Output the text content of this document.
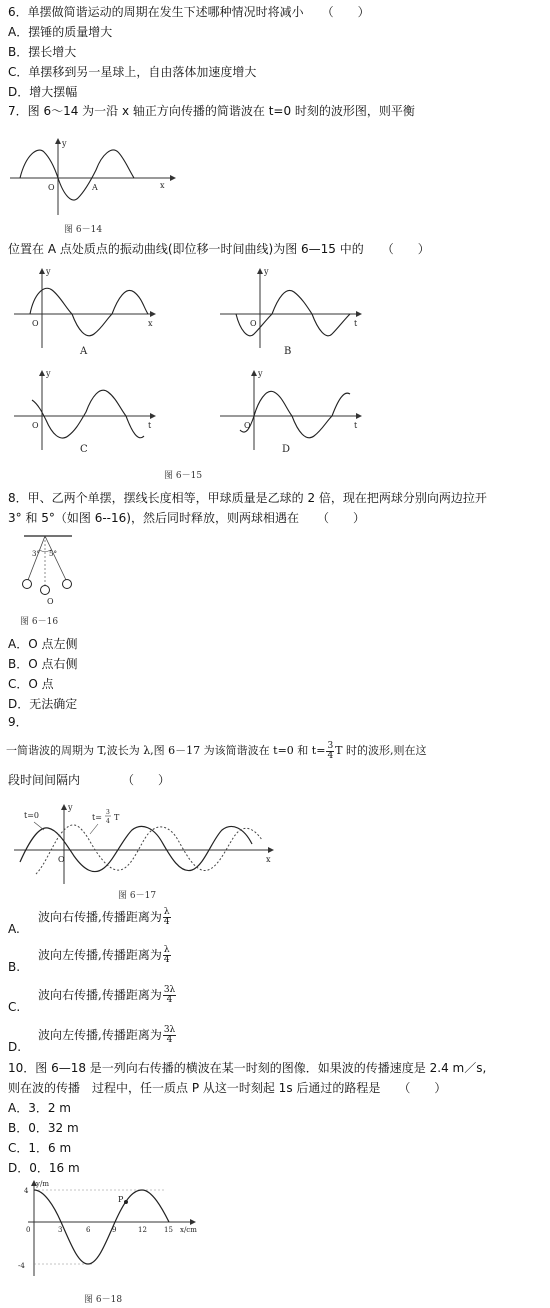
6．单摆做简谐运动的周期在发生下述哪种情况时将减小　　（　　）
A．摆锤的质量增大
B．摆长增大
C．单摆移到另一星球上，自由落体加速度增大
D．增大摆幅
7．图 6～14 为一沿 x 轴正方向传播的简谐波在 t=0 时刻的波形图，则平衡
y
O	A	x
图 6－14
位置在 A 点处质点的振动曲线(即位移一时间曲线)为图 6—15 中的　　（　　）
y
O	x
A
y
O	t
B
y
O	t
C
y
O	t
D
图 6－15
8．甲、乙两个单摆，摆线长度相等，甲球质量是乙球的 2 倍，现在把两球分别向两边拉开
3° 和 5°（如图 6--16)，然后同时释放，则两球相遇在　　（　　）
3° 5°
O
图 6－16
A．O 点左侧
B．O 点右侧
C．O 点
D．无法确定
9．
一简谐波的周期为 T,波长为 λ,图 6－17 为该简谐波在 t=0 和 $t= \frac{3}{4}$ T 时的波形,则在这
段时间间隔内　　　　（　　）
t=0	t=
3
4 T
y
O	x
图 6－17
A.
波向右传播,传播距离为 $\frac{\lambda}{4}$
B.
波向左传播,传播距离为 $\frac{\lambda}{4}$
C.
波向右传播,传播距离为 $\frac{3\lambda}{4}$
D.
波向左传播,传播距离为 $\frac{3\lambda}{4}$
10．图 6—18 是一列向右传播的横波在某一时刻的图像．如果波的传播速度是 2.4 m／s,
则在波的传播　过程中，任一质点 P 从这一时刻起 1s 后通过的路程是　　（　　）
A．3．2 m
B．0．32 m
C．1．6 m
D．0．16 m
P
y/m
4
-4
0	3	6	9	12 15 x/cm
图 6－18
